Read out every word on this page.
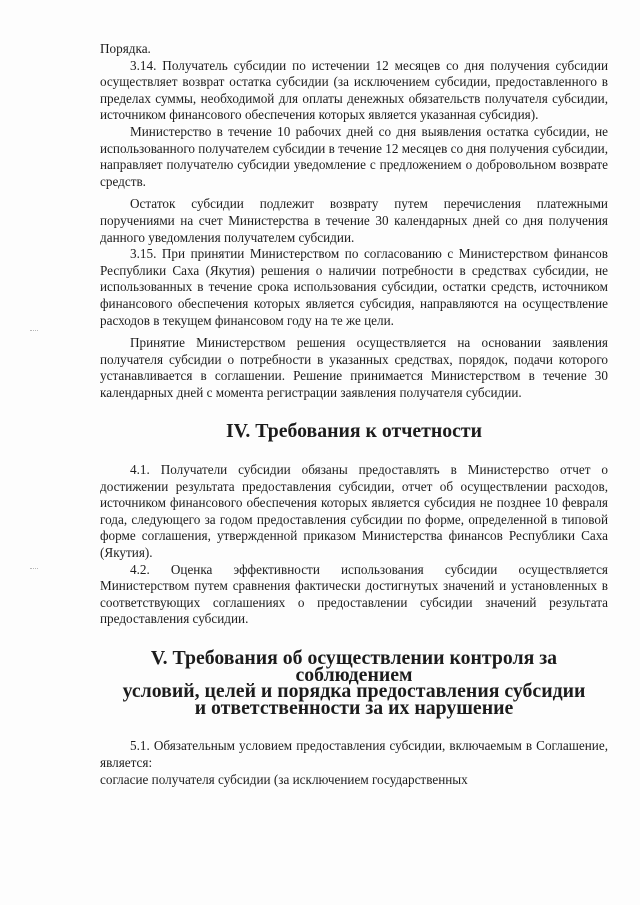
Порядка.

3.14. Получатель субсидии по истечении 12 месяцев со дня получения субсидии осуществляет возврат остатка субсидии (за исключением субсидии, предоставленного в пределах суммы, необходимой для оплаты денежных обязательств получателя субсидии, источником финансового обеспечения которых является указанная субсидия).

Министерство в течение 10 рабочих дней со дня выявления остатка субсидии, не использованного получателем субсидии в течение 12 месяцев со дня получения субсидии, направляет получателю субсидии уведомление с предложением о добровольном возврате средств.

Остаток субсидии подлежит возврату путем перечисления платежными поручениями на счет Министерства в течение 30 календарных дней со дня получения данного уведомления получателем субсидии.

3.15. При принятии Министерством по согласованию с Министерством финансов Республики Саха (Якутия) решения о наличии потребности в средствах субсидии, не использованных в течение срока использования субсидии, остатки средств, источником финансового обеспечения которых является субсидия, направляются на осуществление расходов в текущем финансовом году на те же цели.

Принятие Министерством решения осуществляется на основании заявления получателя субсидии о потребности в указанных средствах, порядок, подачи которого устанавливается в соглашении. Решение принимается Министерством в течение 30 календарных дней с момента регистрации заявления получателя субсидии.

IV. Требования к отчетности

4.1. Получатели субсидии обязаны предоставлять в Министерство отчет о достижении результата предоставления субсидии, отчет об осуществлении расходов, источником финансового обеспечения которых является субсидия не позднее 10 февраля года, следующего за годом предоставления субсидии по форме, определенной в типовой форме соглашения, утвержденной приказом Министерства финансов Республики Саха (Якутия).

4.2. Оценка эффективности использования субсидии осуществляется Министерством путем сравнения фактически достигнутых значений и установленных в соответствующих соглашениях о предоставлении субсидии значений результата предоставления субсидии.

V. Требования об осуществлении контроля за соблюдением
условий, целей и порядка предоставления субсидии
и ответственности за их нарушение

5.1. Обязательным условием предоставления субсидии, включаемым в Соглашение, является:

согласие получателя субсидии (за исключением государственных
